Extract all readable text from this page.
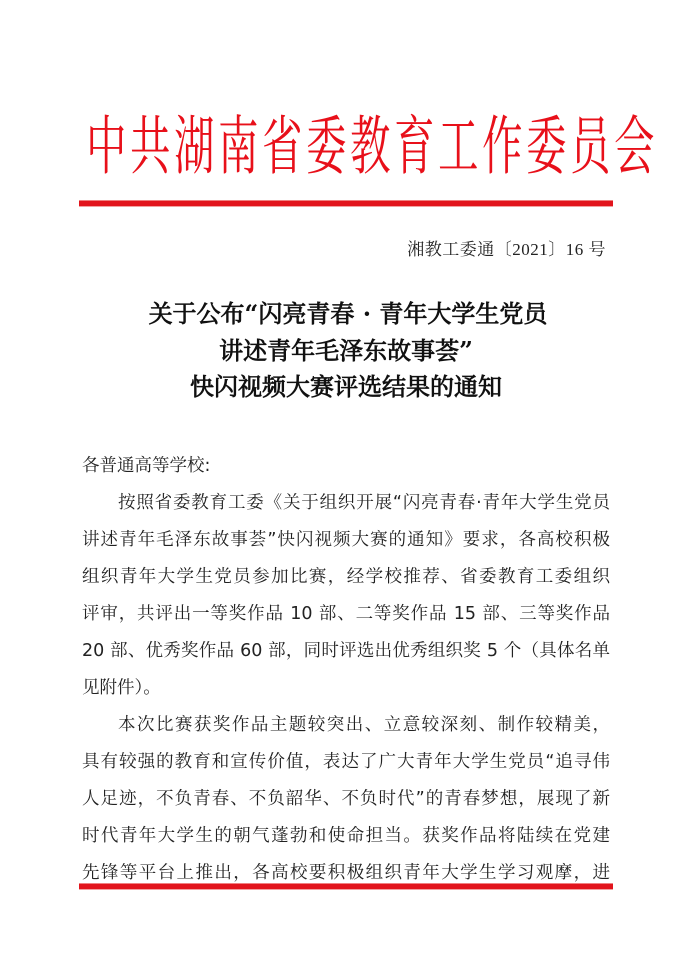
中 共 湖 南 省 委 教 育 工 作 委 员 会
湘教工委通〔2021〕16 号
关于公布“闪亮青春 · 青年大学生党员
讲述青年毛泽东故事荟”
快闪视频大赛评选结果的通知
各普通高等学校:
按照省委教育工委《关于组织开展“闪亮青春·青年大学生党员
讲述青年毛泽东故事荟”快闪视频大赛的通知》要求，各高校积极
组织青年大学生党员参加比赛，经学校推荐、省委教育工委组织
评审，共评出一等奖作品 10 部、二等奖作品 15 部、三等奖作品
20 部、优秀奖作品 60 部，同时评选出优秀组织奖 5 个（具体名单
见附件）。
本次比赛获奖作品主题较突出、立意较深刻、制作较精美，
具有较强的教育和宣传价值，表达了广大青年大学生党员“追寻伟
人足迹，不负青春、不负韶华、不负时代”的青春梦想，展现了新
时代青年大学生的朝气蓬勃和使命担当。获奖作品将陆续在党建
先锋等平台上推出，各高校要积极组织青年大学生学习观摩，进
